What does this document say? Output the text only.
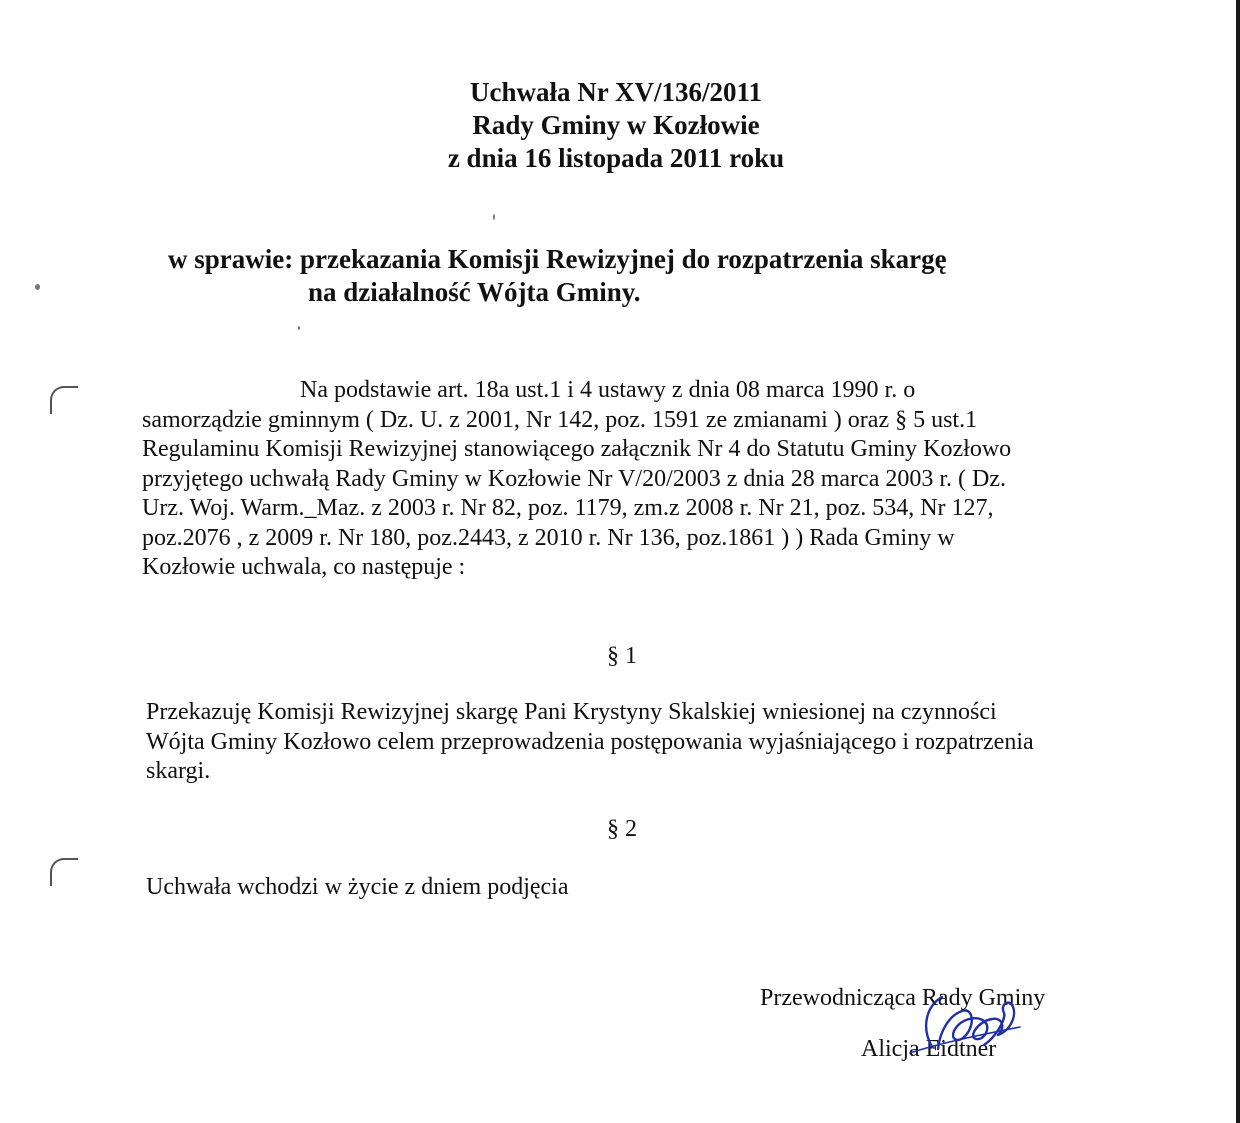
Uchwała Nr XV/136/2011
Rady Gminy w Kozłowie
z dnia 16 listopada 2011 roku
w sprawie: przekazania Komisji Rewizyjnej do rozpatrzenia skargę
na działalność Wójta Gminy.
Na podstawie art. 18a ust.1 i 4 ustawy z dnia 08 marca 1990 r. o
samorządzie gminnym ( Dz. U. z 2001, Nr 142, poz. 1591 ze zmianami ) oraz § 5 ust.1
Regulaminu Komisji Rewizyjnej stanowiącego załącznik Nr 4 do Statutu Gminy Kozłowo
przyjętego uchwałą Rady Gminy w Kozłowie Nr V/20/2003 z dnia 28 marca 2003 r. ( Dz.
Urz. Woj. Warm._Maz. z 2003 r. Nr 82, poz. 1179, zm.z 2008 r. Nr 21, poz. 534, Nr 127,
poz.2076 , z 2009 r. Nr 180, poz.2443, z 2010 r. Nr 136, poz.1861 ) ) Rada Gminy w
Kozłowie uchwala, co następuje :
§ 1
Przekazuję Komisji Rewizyjnej skargę Pani Krystyny Skalskiej wniesionej na czynności
Wójta Gminy Kozłowo celem przeprowadzenia postępowania wyjaśniającego i rozpatrzenia
skargi.
§ 2
Uchwała wchodzi w życie z dniem podjęcia
Przewodnicząca Rady Gminy
Alicja Eidtner
